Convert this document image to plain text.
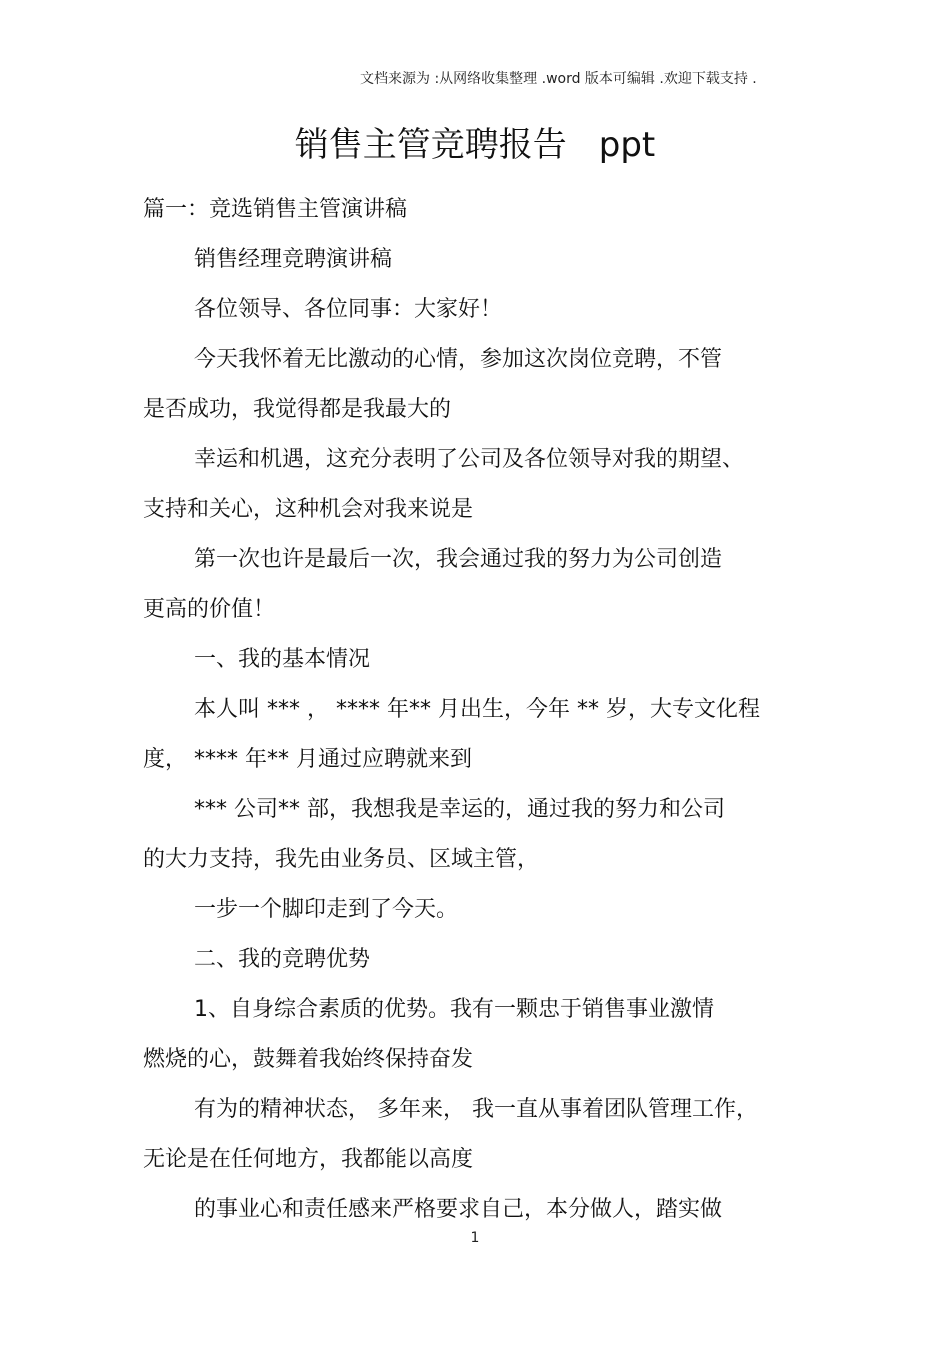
文档来源为 :从网络收集整理 .word 版本可编辑 .欢迎下载支持 .
销售主管竞聘报告 ppt
篇一：竞选销售主管演讲稿
销售经理竞聘演讲稿
各位领导、各位同事：大家好！
今天我怀着无比激动的心情，参加这次岗位竞聘，不管
是否成功，我觉得都是我最大的
幸运和机遇，这充分表明了公司及各位领导对我的期望、
支持和关心，这种机会对我来说是
第一次也许是最后一次，我会通过我的努力为公司创造
更高的价值！
一、我的基本情况
本人叫 *** ， **** 年** 月出生，今年 ** 岁，大专文化程
度， **** 年** 月通过应聘就来到
*** 公司** 部，我想我是幸运的，通过我的努力和公司
的大力支持，我先由业务员、区域主管，
一步一个脚印走到了今天。
二、我的竞聘优势
1、自身综合素质的优势。我有一颗忠于销售事业激情
燃烧的心，鼓舞着我始终保持奋发
有为的精神状态， 多年来， 我一直从事着团队管理工作，
无论是在任何地方，我都能以高度
的事业心和责任感来严格要求自己，本分做人，踏实做
1
